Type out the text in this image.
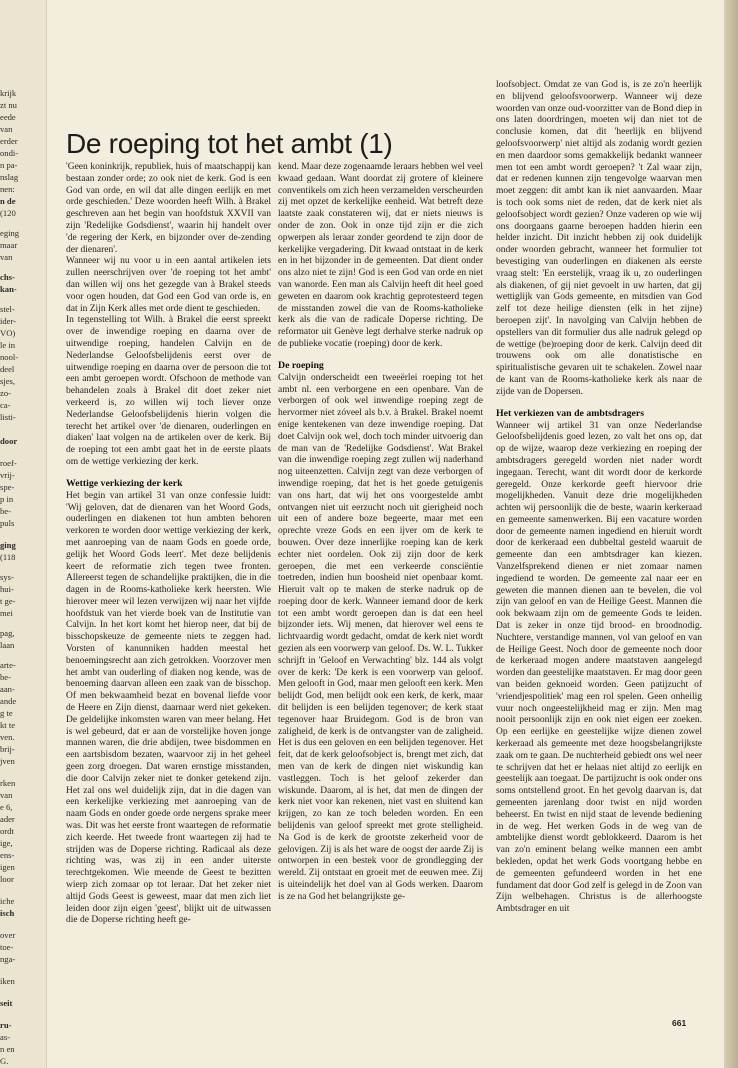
krijk
zt nu
eede
van
erder
ondi-
n pa-
nslag
nen:
n de
(120
eging
maar
van
chs-
kan-
stel-
ider-
VO)
le in
nool-
deel
sjes,
zo-
ca-
listi-
door
roef-
vrij-
spe-
p in
be-
puls
ging
(118
sys-
hui-
t ge-
mei
pag,
laan
arte-
be-
aan-
ande
g te
kt te
ven.
brij-
jven
rken
van
e 6,
ader
ordt
ige,
ens-
igen
loor
iche
isch
over
toe-
nga-
iken
seit
ru-
as-
n en
G.
De roeping tot het ambt (1)

'Geen koninkrijk, republiek, huis of maatschappij kan bestaan zonder orde; zo ook niet de kerk. God is een God van orde, en wil dat alle dingen eerlijk en met orde geschieden.' Deze woorden heeft Wilh. à Brakel geschreven aan het begin van hoofdstuk XXVII van zijn 'Redelijke Godsdienst', waarin hij handelt over 'de regering der Kerk, en bijzonder over de-zending der dienaren'.

Wanneer wij nu voor u in een aantal artikelen iets zullen neerschrijven over 'de roeping tot het ambt' dan willen wij ons het gezegde van à Brakel steeds voor ogen houden, dat God een God van orde is, en dat in Zijn Kerk alles met orde dient te geschieden.

In tegenstelling tot Wilh. à Brakel die eerst spreekt over de inwendige roeping en daarna over de uitwendige roeping, handelen Calvijn en de Nederlandse Geloofsbelijdenis eerst over de uitwendige roeping en daarna over de persoon die tot een ambt geroepen wordt. Ofschoon de methode van behandelen zoals à Brakel dit doet zeker niet verkeerd is, zo willen wij toch liever onze Nederlandse Geloofsbelijdenis hierin volgen die terecht het artikel over 'de dienaren, ouderlingen en diaken' laat volgen na de artikelen over de kerk. Bij de roeping tot een ambt gaat het in de eerste plaats om de wettige verkiezing der kerk.

Wettige verkiezing der kerk

Het begin van artikel 31 van onze confessie luidt: 'Wij geloven, dat de dienaren van het Woord Gods, ouderlingen en diakenen tot hun ambten behoren verkoren te worden door wettige verkiezing der kerk, met aanroeping van de naam Gods en goede orde, gelijk het Woord Gods leert'. Met deze belijdenis keert de reformatie zich tegen twee fronten. Allereerst tegen de schandelijke praktijken, die in die dagen in de Rooms-katholieke kerk heersten. Wie hierover meer wil lezen verwijzen wij naar het vijfde hoofdstuk van het vierde boek van de Institutie van Calvijn. In het kort komt het hierop neer, dat bij de bisschopskeuze de gemeente niets te zeggen had. Vorsten of kanunniken hadden meestal het benoemingsrecht aan zich getrokken. Voorzover men het ambt van ouderling of diaken nog kende, was de benoeming daarvan alleen een zaak van de bisschop. Of men bekwaamheid bezat en bovenal liefde voor de Heere en Zijn dienst, daarnaar werd niet gekeken. De geldelijke inkomsten waren van meer belang. Het is wel gebeurd, dat er aan de vorstelijke hoven jonge mannen waren, die drie abdijen, twee bisdommen en een aartsbisdom bezaten, waarvoor zij in het geheel geen zorg droegen. Dat waren ernstige misstanden, die door Calvijn zeker niet te donker getekend zijn. Het zal ons wel duidelijk zijn, dat in die dagen van een kerkelijke verkiezing met aanroeping van de naam Gods en onder goede orde nergens sprake meer was. Dit was het eerste front waartegen de reformatie zich keerde. Het tweede front waartegen zij had te strijden was de Doperse richting. Radicaal als deze richting was, was zij in een ander uiterste terechtgekomen. Wie meende de Geest te bezitten wierp zich zomaar op tot leraar. Dat het zeker niet altijd Gods Geest is geweest, maar dat men zich liet leiden door zijn eigen 'geest', blijkt uit de uitwassen die de Doperse richting heeft ge-

kend. Maar deze zogenaamde leraars hebben wel veel kwaad gedaan. Want doordat zij grotere of kleinere conventikels om zich heen verzamelden verscheurden zij met opzet de kerkelijke eenheid. Wat betreft deze laatste zaak constateren wij, dat er niets nieuws is onder de zon. Ook in onze tijd zijn er die zich opwerpen als leraar zonder geordend te zijn door de kerkelijke vergadering. Dit kwaad ontstaat in de kerk en in het bijzonder in de gemeenten. Dat dient onder ons alzo niet te zijn! God is een God van orde en niet van wanorde. Een man als Calvijn heeft dit heel goed geweten en daarom ook krachtig geprotesteerd tegen de misstanden zowel die van de Rooms-katholieke kerk als die van de radicale Doperse richting. De reformator uit Genève legt derhalve sterke nadruk op de publieke vocatie (roeping) door de kerk.

De roeping

Calvijn onderscheidt een tweeërlei roeping tot het ambt nl. een verborgene en een openbare. Van de verborgen of ook wel inwendige roeping zegt de hervormer niet zóveel als b.v. à Brakel. Brakel noemt enige kentekenen van deze inwendige roeping. Dat doet Calvijn ook wel, doch toch minder uitvoerig dan de man van de 'Redelijke Godsdienst'. Wat Brakel van die inwendige roeping zegt zullen wij naderhand nog uiteenzetten. Calvijn zegt van deze verborgen of inwendige roeping, dat het is het goede getuigenis van ons hart, dat wij het ons voorgestelde ambt ontvangen niet uit eerzucht noch uit gierigheid noch uit een of andere boze begeerte, maar met een oprechte vreze Gods en een ijver om de kerk te bouwen. Over deze innerlijke roeping kan de kerk echter niet oordelen. Ook zij zijn door de kerk geroepen, die met een verkeerde consciëntie toetreden, indien hun boosheid niet openbaar komt. Hieruit valt op te maken de sterke nadruk op de roeping door de kerk. Wanneer iemand door de kerk tot een ambt wordt geroepen dan is dat een heel bijzonder iets. Wij menen, dat hierover wel eens te lichtvaardig wordt gedacht, omdat de kerk niet wordt gezien als een voorwerp van geloof. Ds. W. L. Tukker schrijft in 'Geloof en Verwachting' blz. 144 als volgt over de kerk: 'De kerk is een voorwerp van geloof. Men gelooft in God, maar men gelooft een kerk. Men belijdt God, men belijdt ook een kerk, de kerk, maar dit belijden is een belijden tegenover; de kerk staat tegenover haar Bruidegom. God is de bron van zaligheid, de kerk is de ontvangster van de zaligheid. Het is dus een geloven en een belijden tegenover. Het feit, dat de kerk geloofsobject is, brengt met zich, dat men van de kerk de dingen niet wiskundig kan vastleggen. Toch is het geloof zekerder dan wiskunde. Daarom, al is het, dat men de dingen der kerk niet voor kan rekenen, niet vast en sluitend kan krijgen, zo kan ze toch beleden worden. En een belijdenis van geloof spreekt met grote stelligheid. Na God is de kerk de grootste zekerheid voor de gelovigen. Zij is als het ware de oogst der aarde Zij is ontworpen in een bestek voor de grondlegging der wereld. Zij ontstaat en groeit met de eeuwen mee. Zij is uiteindelijk het doel van al Gods werken. Daarom is ze na God het belangrijkste ge-

loofsobject. Omdat ze van God is, is ze zo'n heerlijk en blijvend geloofsvoorwerp. Wanneer wij deze woorden van onze oud-voorzitter van de Bond diep in ons laten doordringen, moeten wij dan niet tot de conclusie komen, dat dit 'heerlijk en blijvend geloofsvoorwerp' niet altijd als zodanig wordt gezien en men daardoor soms gemakkelijk bedankt wanneer men tot een ambt wordt geroepen? 't Zal waar zijn, dat er redenen kunnen zijn tengevolge waarvan men moet zeggen: dit ambt kan ik niet aanvaarden. Maar is toch ook soms niet de reden, dat de kerk niet als geloofsobject wordt gezien? Onze vaderen op wie wij ons doorgaans gaarne beroepen hadden hierin een helder inzicht. Dit inzicht hebben zij ook duidelijk onder woorden gebracht, wanneer het formulier tot bevestiging van ouderlingen en diakenen als eerste vraag stelt: 'En eerstelijk, vraag ik u, zo ouderlingen als diakenen, of gij niet gevoelt in uw harten, dat gij wettiglijk van Gods gemeente, en mitsdien van God zelf tot deze heilige diensten (elk in het zijne) beroepen zijt'. In navolging van Calvijn hebben de opstellers van dit formulier dus alle nadruk gelegd op de wettige (be)roeping door de kerk. Calvijn deed dit trouwens ook om alle donatistische en spiritualistische gevaren uit te schakelen. Zowel naar de kant van de Rooms-katholieke kerk als naar de zijde van de Dopersen.

Het verkiezen van de ambtsdragers

Wanneer wij artikel 31 van onze Nederlandse Geloofsbelijdenis goed lezen, zo valt het ons op, dat op de wijze, waarop deze verkiezing en roeping der ambtsdragers geregeld worden niet nader wordt ingegaan. Terecht, want dit wordt door de kerkorde geregeld. Onze kerkorde geeft hiervoor drie mogelijkheden. Vanuit deze drie mogelijkheden achten wij persoonlijk die de beste, waarin kerkeraad en gemeente samenwerken. Bij een vacature worden door de gemeente namen ingediend en hieruit wordt door de kerkeraad een dubbeltal gesteld waaruit de gemeente dan een ambtsdrager kan kiezen. Vanzelfsprekend dienen er niet zomaar namen ingediend te worden. De gemeente zal naar eer en geweten die mannen dienen aan te bevelen, die vol zijn van geloof en van de Heilige Geest. Mannen die ook bekwaam zijn om de gemeente Gods te leiden. Dat is zeker in onze tijd brood- en broodnodig. Nuchtere, verstandige mannen, vol van geloof en van de Heilige Geest. Noch door de gemeente noch door de kerkeraad mogen andere maatstaven aangelegd worden dan geestelijke maatstaven. Er mag door geen van beiden geknoeid worden. Geen patijzucht of 'vriendjespolitiek' mag een rol spelen. Geen onheilig vuur noch ongeestelijkheid mag er zijn. Men mag nooit persoonlijk zijn en ook niet eigen eer zoeken. Op een eerlijke en geestelijke wijze dienen zowel kerkeraad als gemeente met deze hoogsbelangrijkste zaak om te gaan. De nuchterheid gebiedt ons wel neer te schrijven dat het er helaas niet altijd zo eerlijk en geestelijk aan toegaat. De partijzucht is ook onder ons soms ontstellend groot. En het gevolg daarvan is, dat gemeenten jarenlang door twist en nijd worden beheerst. En twist en nijd staat de levende bediening in de weg. Het werken Gods in de weg van de ambtelijke dienst wordt geblokkeerd. Daarom is het van zo'n eminent belang welke mannen een ambt bekleden, opdat het werk Gods voortgang hebbe en de gemeenten gefundeerd worden in het ene fundament dat door God zelf is gelegd in de Zoon van Zijn welbehagen. Christus is de allerhoogste Ambtsdrager en uit

661
